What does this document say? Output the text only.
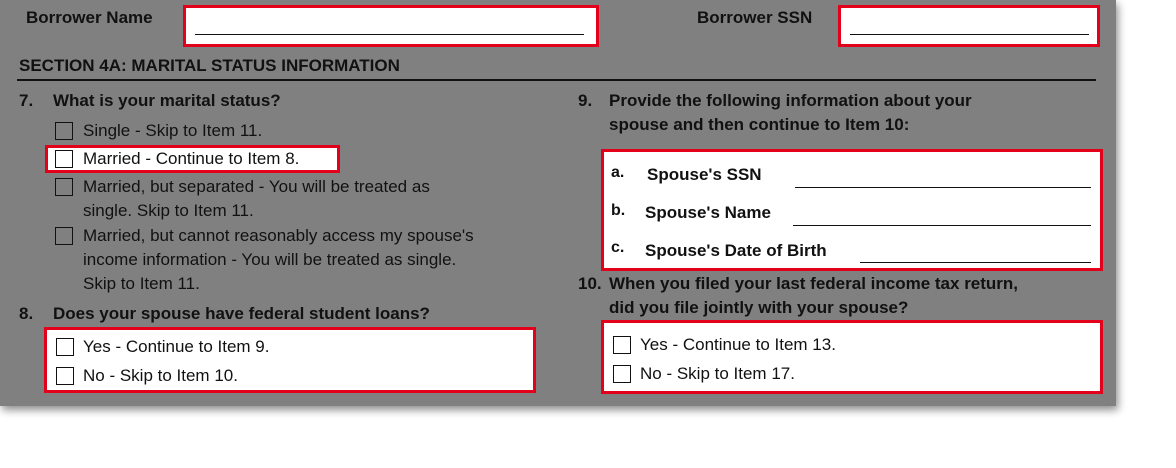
Borrower Name	Borrower SSN
SECTION 4A: MARITAL STATUS INFORMATION
7. What is your marital status?
Single - Skip to Item 11.
Married - Continue to Item 8.
Married, but separated - You will be treated as
single. Skip to Item 11.
Married, but cannot reasonably access my spouse's
income information - You will be treated as single.
Skip to Item 11.
8. Does your spouse have federal student loans?
Yes - Continue to Item 9.
No - Skip to Item 10.
9. Provide the following information about your
spouse and then continue to Item 10:
a. Spouse's SSN
b. Spouse's Name
c. Spouse's Date of Birth
10. When you filed your last federal income tax return,
did you file jointly with your spouse?
Yes - Continue to Item 13.
No - Skip to Item 17.
